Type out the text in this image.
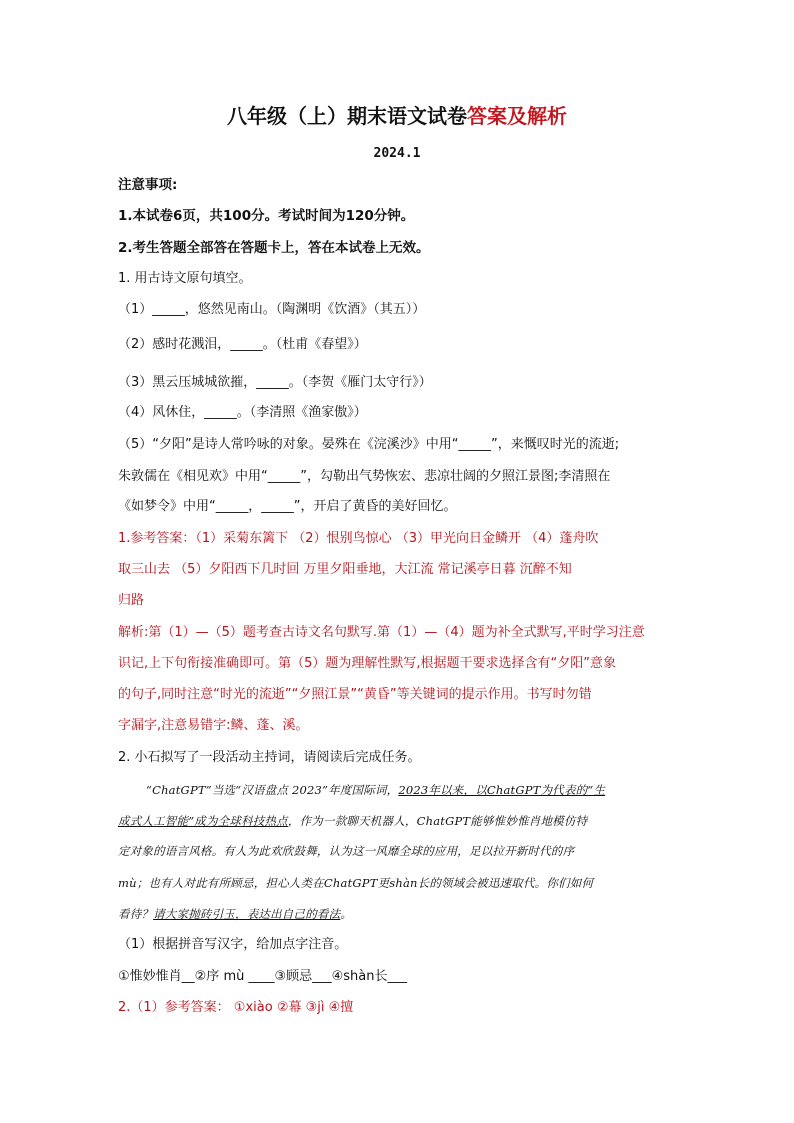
八年级（上）期末语文试卷答案及解析
2024.1
注意事项:
1.本试卷6页，共100分。考试时间为120分钟。
2.考生答题全部答在答题卡上，答在本试卷上无效。
1. 用古诗文原句填空。
（1）_____，悠然见南山。（陶渊明《饮酒》（其五））
（2）感时花溅泪，_____。（杜甫《春望》）
（3）黑云压城城欲摧，_____。（李贺《雁门太守行》）
（4）风休住，_____。（李清照《渔家傲》）
（5）“夕阳”是诗人常吟咏的对象。晏殊在《浣溪沙》中用“_____”，来慨叹时光的流逝;
朱敦儒在《相见欢》中用“_____”，勾勒出气势恢宏、悲凉壮阔的夕照江景图;李清照在
《如梦令》中用“_____，_____”，开启了黄昏的美好回忆。
1.参考答案：（1）采菊东篱下 （2）恨别鸟惊心 （3）甲光向日金鳞开 （4）蓬舟吹
取三山去 （5）夕阳西下几时回 万里夕阳垂地，大江流 常记溪亭日暮 沉醉不知
归路
解析:第（1）—（5）题考查古诗文名句默写.第（1）—（4）题为补全式默写,平时学习注意
识记,上下句衔接准确即可。第（5）题为理解性默写,根据题干要求选择含有“夕阳”意象
的句子,同时注意“时光的流逝”“夕照江景”“黄昏”等关键词的提示作用。书写时勿错
字漏字,注意易错字:鳞、蓬、溪。
2. 小石拟写了一段活动主持词，请阅读后完成任务。
“ChatGPT”当选“汉语盘点 2023”年度国际词，2023年以来，以ChatGPT为代表的“生
成式人工智能”成为全球科技热点，作为一款聊天机器人，ChatGPT能够惟妙惟肖地模仿特
定对象的语言风格。有人为此欢欣鼓舞，认为这一风靡全球的应用，足以拉开新时代的序
mù；也有人对此有所顾忌，担心人类在ChatGPT更shàn长的领域会被迅速取代。你们如何
看待？请大家抛砖引玉，表达出自己的看法。
（1）根据拼音写汉字，给加点字注音。
①惟妙惟肖__②序 mù ____③顾忌___④shàn长___
2.（1）参考答案： ①xiào ②幕 ③jì ④擅
